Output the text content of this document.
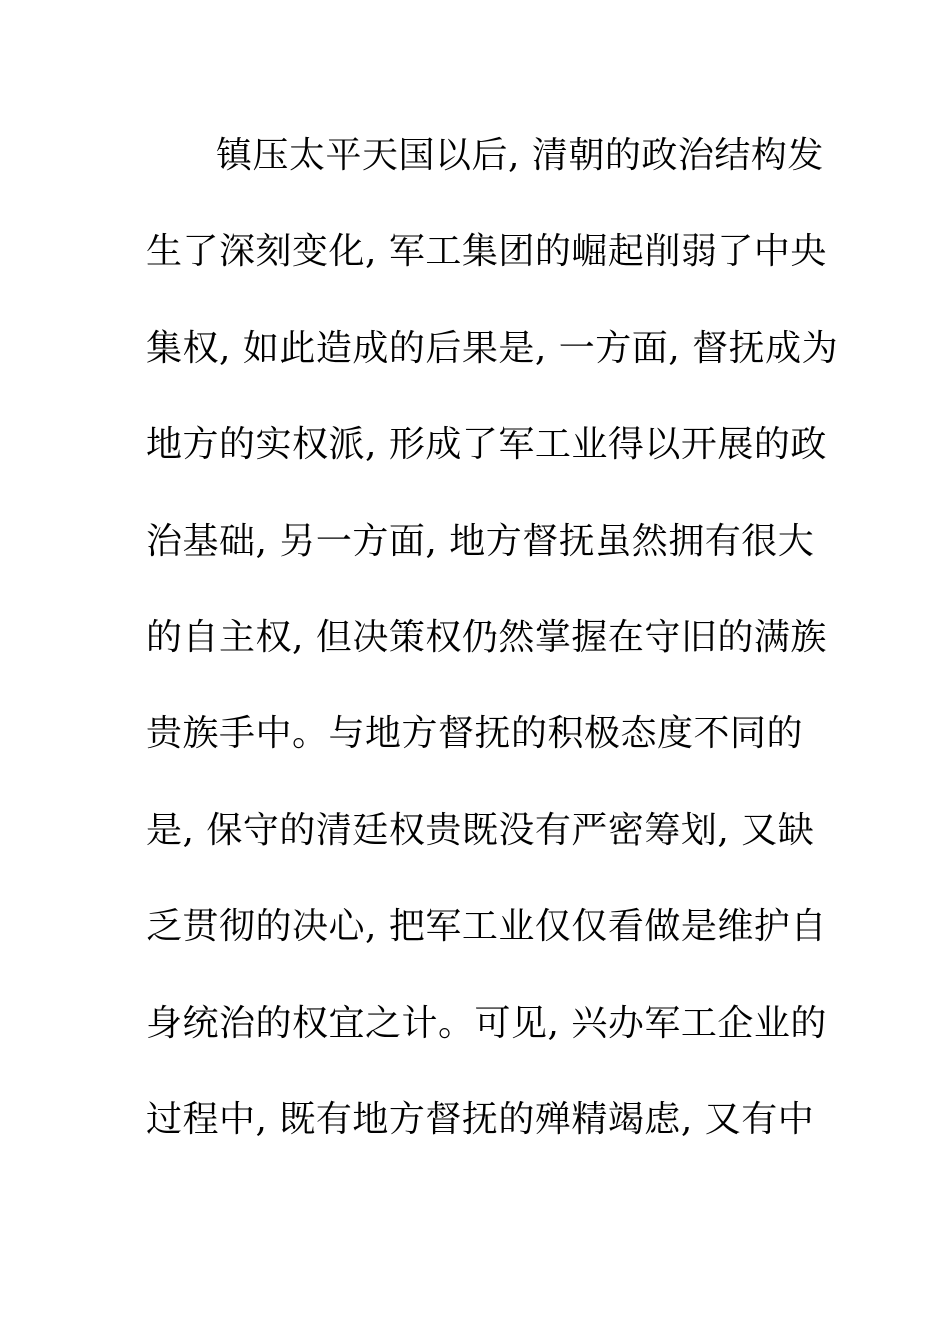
镇压太平天国以后, 清朝的政治结构发
生了深刻变化, 军工集团的崛起削弱了中央
集权, 如此造成的后果是, 一方面, 督抚成为
地方的实权派, 形成了军工业得以开展的政
治基础, 另一方面, 地方督抚虽然拥有很大
的自主权, 但决策权仍然掌握在守旧的满族
贵族手中。与地方督抚的积极态度不同的
是, 保守的清廷权贵既没有严密筹划, 又缺
乏贯彻的决心, 把军工业仅仅看做是维护自
身统治的权宜之计。可见, 兴办军工企业的
过程中, 既有地方督抚的殚精竭虑, 又有中
